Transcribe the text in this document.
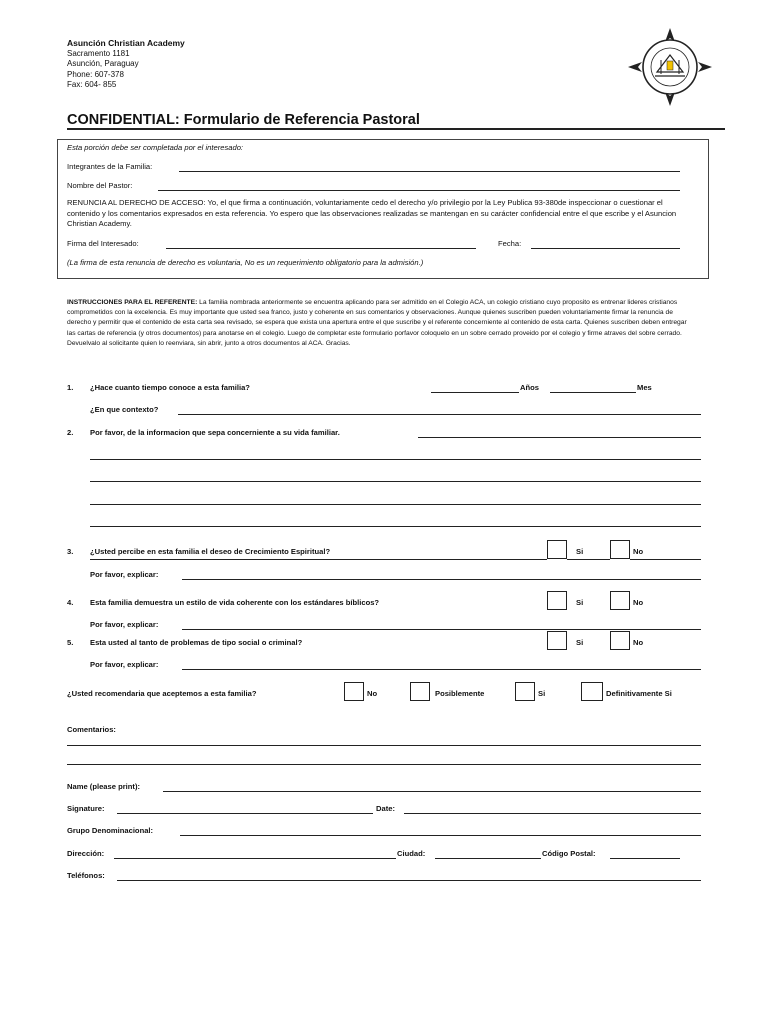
Asunción Christian Academy
Sacramento 1181
Asunción, Paraguay
Phone: 607-378
Fax: 604- 855
CONFIDENTIAL: Formulario de Referencia Pastoral
Esta porción debe ser completada por el interesado:
Integrantes de la Familia:
Nombre del Pastor:
RENUNCIA AL DERECHO DE ACCESO: Yo, el que firma a continuación, voluntariamente cedo el derecho y/o privilegio por la Ley Publica 93-380de inspeccionar o cuestionar el contenido y los comentarios expresados en esta referencia. Yo espero que las observaciones realizadas se mantengan en su carácter confidencial entre el que escribe y el Asuncion Christian Academy.
Firma del Interesado:	Fecha:
(La firma de esta renuncia de derecho es voluntaria, No es un requerimiento obligatorio para la admisión.)
INSTRUCCIONES PARA EL REFERENTE: La familia nombrada anteriormente se encuentra aplicando para ser admitido en el Colegio ACA, un colegio cristiano cuyo proposito es entrenar lideres cristianos comprometidos con la excelencia. Es muy importante que usted sea franco, justo y coherente en sus comentarios y observaciones. Aunque quienes suscriben pueden voluntariamente firmar la renuncia de derecho y permitir que el contenido de esta carta sea revisado, se espera que exista una apertura entre el que suscribe y el referente concerniente al contenido de esta carta. Quienes suscriben deben entregar las cartas de referencia (y otros documentos) para anotarse en el colegio. Luego de completar este formulario porfavor coloquelo en un sobre cerrado proveido por el colegio y firme atraves del sobre cerrado. Devuelvalo al solicitante quien lo reenviara, sin abrir, junto a otros documentos al ACA. Gracias.
1. ¿Hace cuanto tiempo conoce a esta familia?	Años	Mes
¿En que contexto?
2. Por favor, de la informacion que sepa concerniente a su vida familiar.
3. ¿Usted percibe en esta familia el deseo de Crecimiento Espiritual?	Si	No
Por favor, explicar:
4. Esta familia demuestra un estilo de vida coherente con los estándares bíblicos?	Si	No
Por favor, explicar:
5. Esta usted al tanto de problemas de tipo social o criminal?	Si	No
Por favor, explicar:
¿Usted recomendaria que aceptemos a esta familia?	No	Posiblemente	Si	Definitivamente Si
Comentarios:
Name (please print):
Signature:	Date:
Grupo Denominacional:
Dirección:	Ciudad:	Código Postal:
Teléfonos:
